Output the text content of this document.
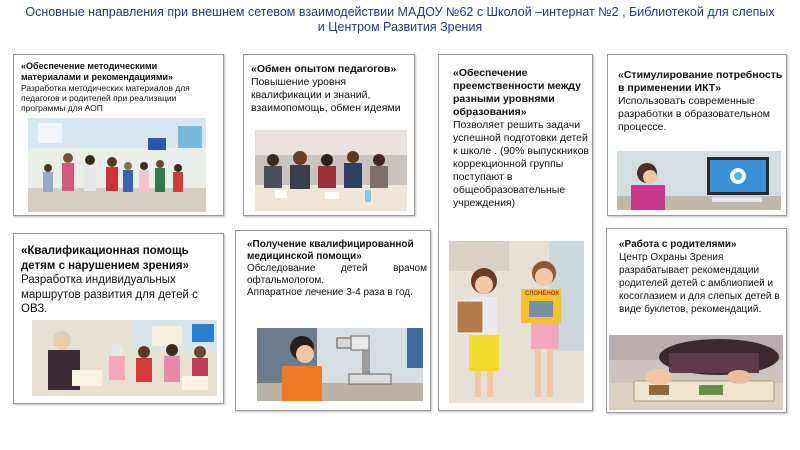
Основные направления при внешнем сетевом взаимодействии МАДОУ №62 с Школой –интернат №2 , Библиотекой для слепых
и Центром Развития Зрения
«Обеспечение методическими материалами и рекомендациями»
Разработка методических материалов для педагогов и родителей при реализации программы для АОП
«Обмен опытом педагогов»
Повышение уровня квалификации и знаний, взаимопомощь, обмен идеями
«Обеспечение преемственности между разными уровнями образования»
Позволяет решить задачи успешной подготовки детей к школе . (90% выпускников коррекционной группы поступают в общеобразовательные учреждения)
СЛОНЁНОК
«Стимулирование потребность в применении ИКТ»
Использовать современные разработки в образовательном процессе.
«Квалификационная помощь детям с нарушением зрения»
Разработка индивидуальных маршрутов развития для детей с ОВЗ.
«Получение квалифицированной медицинской помощи»
Обследование детей врачом офтальмологом.
Аппаратное лечение 3-4 раза в год.
«Работа с родителями»
Центр Охраны Зрения разрабатывает рекомендации родителей детей с амблиопией и косоглазием и для слепых детей в виде буклетов, рекомендаций.
